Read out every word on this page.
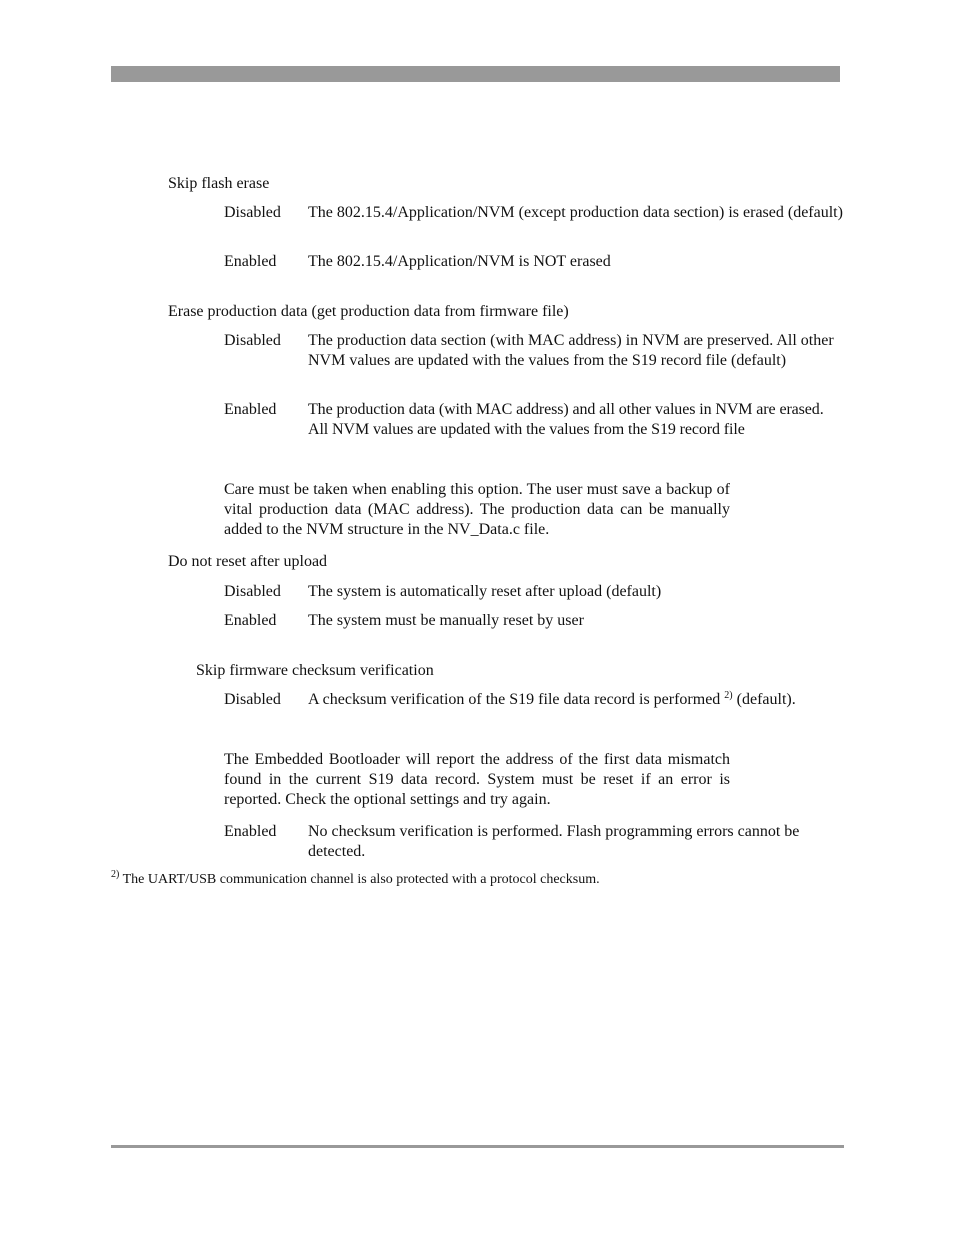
Skip flash erase
Disabled The 802.15.4/Application/NVM (except production data section) is erased (default)
Enabled The 802.15.4/Application/NVM is NOT erased
Erase production data (get production data from firmware file)
Disabled The production data section (with MAC address) in NVM are preserved. All other NVM values are updated with the values from the S19 record file (default)
Enabled The production data (with MAC address) and all other values in NVM are erased. All NVM values are updated with the values from the S19 record file
Care must be taken when enabling this option. The user must save a backup of vital production data (MAC address). The production data can be manually added to the NVM structure in the NV_Data.c file.
Do not reset after upload
Disabled The system is automatically reset after upload (default)
Enabled The system must be manually reset by user
Skip firmware checksum verification
Disabled A checksum verification of the S19 file data record is performed $^{2)}$ (default).
The Embedded Bootloader will report the address of the first data mismatch found in the current S19 data record. System must be reset if an error is reported. Check the optional settings and try again.
Enabled No checksum verification is performed. Flash programming errors cannot be detected.
$^{2)}$ The UART/USB communication channel is also protected with a protocol checksum.
